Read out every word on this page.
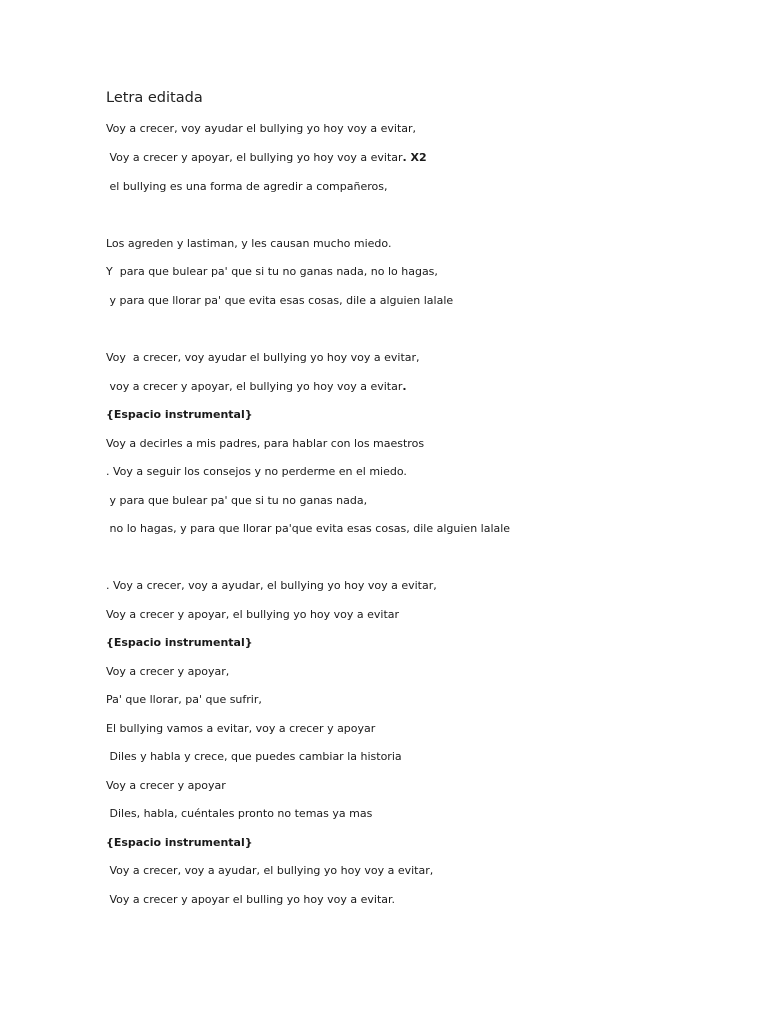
Letra editada

Voy a crecer, voy ayudar el bullying yo hoy voy a evitar,

Voy a crecer y apoyar, el bullying yo hoy voy a evitar. X2

el bullying es una forma de agredir a compañeros,

Los agreden y lastiman, y les causan mucho miedo.

Y  para que bulear pa' que si tu no ganas nada, no lo hagas,

y para que llorar pa' que evita esas cosas, dile a alguien lalale

Voy  a crecer, voy ayudar el bullying yo hoy voy a evitar,

voy a crecer y apoyar, el bullying yo hoy voy a evitar.

{Espacio instrumental}

Voy a decirles a mis padres, para hablar con los maestros

. Voy a seguir los consejos y no perderme en el miedo.

y para que bulear pa' que si tu no ganas nada,

no lo hagas, y para que llorar pa'que evita esas cosas, dile alguien lalale

. Voy a crecer, voy a ayudar, el bullying yo hoy voy a evitar,

Voy a crecer y apoyar, el bullying yo hoy voy a evitar

{Espacio instrumental}

Voy a crecer y apoyar,

Pa' que llorar, pa' que sufrir,

El bullying vamos a evitar, voy a crecer y apoyar

Diles y habla y crece, que puedes cambiar la historia

Voy a crecer y apoyar

Diles, habla, cuéntales pronto no temas ya mas

{Espacio instrumental}

Voy a crecer, voy a ayudar, el bullying yo hoy voy a evitar,

Voy a crecer y apoyar el bulling yo hoy voy a evitar.
